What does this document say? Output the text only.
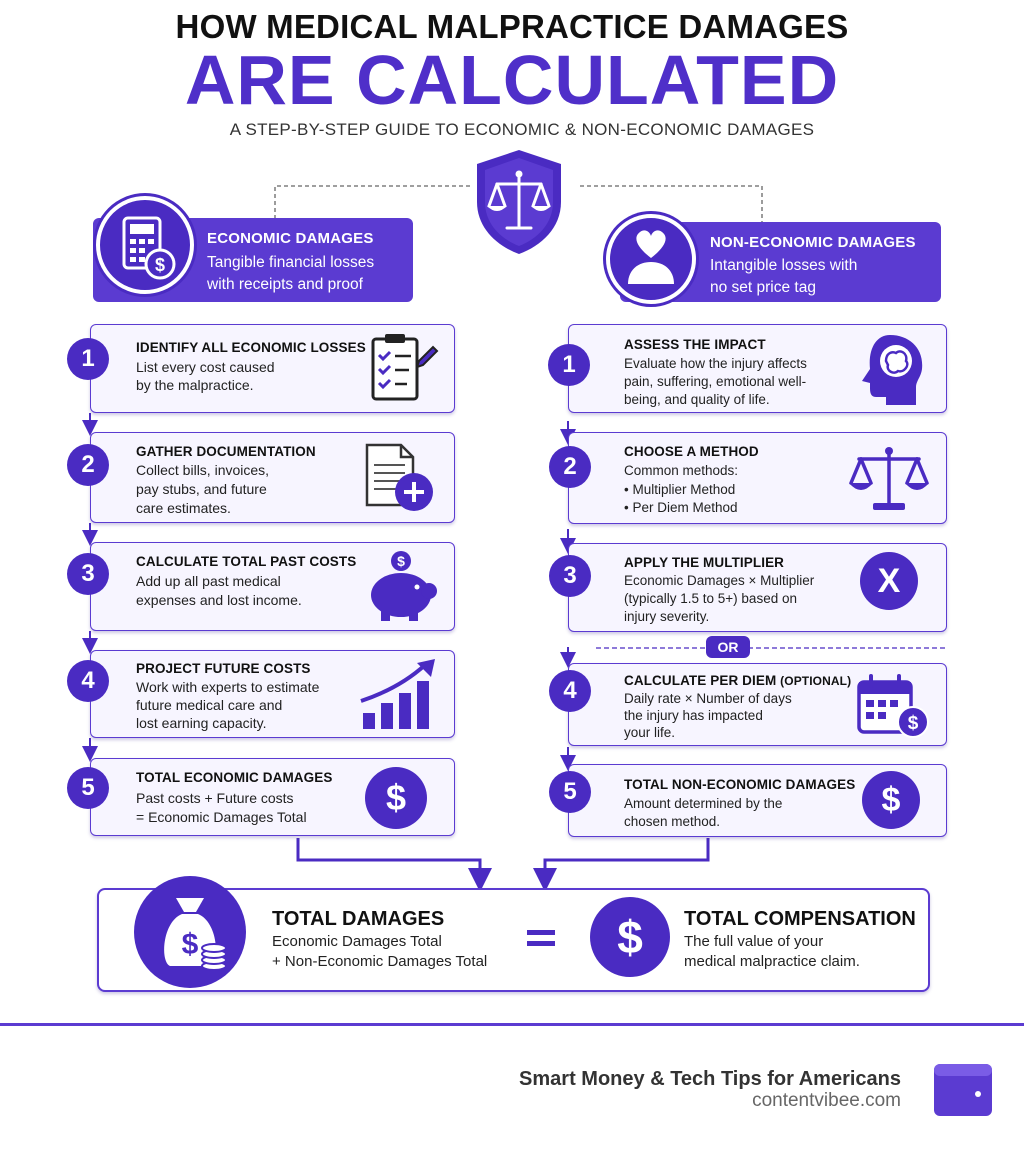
HOW MEDICAL MALPRACTICE DAMAGES
ARE CALCULATED
A STEP-BY-STEP GUIDE TO ECONOMIC & NON-ECONOMIC DAMAGES
ECONOMIC DAMAGES
Tangible financial losses
with receipts and proof
$
NON-ECONOMIC DAMAGES
Intangible losses with
no set price tag
IDENTIFY ALL ECONOMIC LOSSES
List every cost caused
by the malpractice.
1
GATHER DOCUMENTATION
Collect bills, invoices,
pay stubs, and future
care estimates.
2
CALCULATE TOTAL PAST COSTS
Add up all past medical
expenses and lost income.
$
3
PROJECT FUTURE COSTS
Work with experts to estimate
future medical care and
lost earning capacity.
4
TOTAL ECONOMIC DAMAGES
Past costs + Future costs
= Economic Damages Total	$
5
ASSESS THE IMPACT
Evaluate how the injury affects
pain, suffering, emotional well-
being, and quality of life.
1
CHOOSE A METHOD
Common methods:
• Multiplier Method
• Per Diem Method
2
APPLY THE MULTIPLIER
Economic Damages × Multiplier
(typically 1.5 to 5+) based on
injury severity.
X
3
OR
CALCULATE PER DIEM (OPTIONAL)
Daily rate × Number of days
the injury has impacted
your life.	$
4
TOTAL NON-ECONOMIC DAMAGES
Amount determined by the
chosen method.
$
5
$
TOTAL DAMAGES
Economic Damages Total
+ Non-Economic Damages Total	$	TOTAL COMPENSATION
The full value of your
medical malpractice claim.
Smart Money & Tech Tips for Americans
contentvibee.com
